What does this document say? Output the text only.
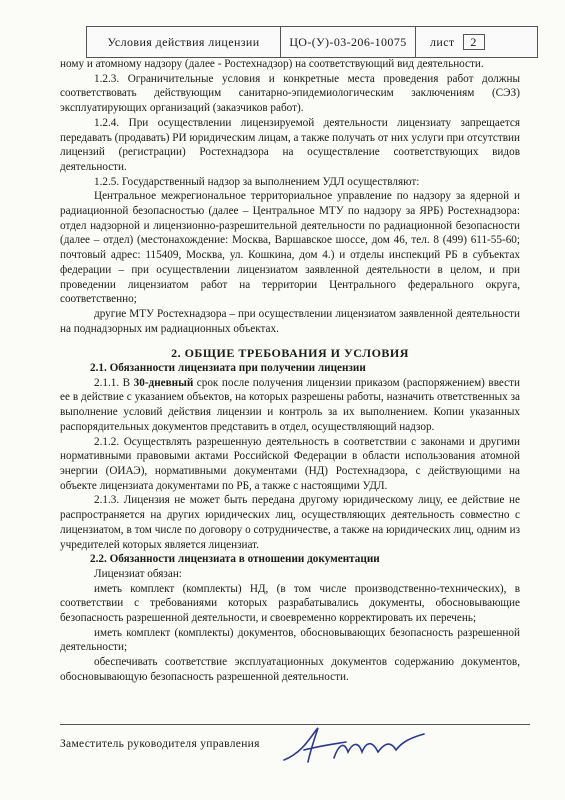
Условия действия лицензии	ЦО-(У)-03-206-10075	лист	2

ному и атомному надзору (далее - Ростехнадзор) на соответствующий вид деятельности.

1.2.3. Ограничительные условия и конкретные места проведения работ должны соответствовать действующим санитарно-эпидемиологическим заключениям (СЭЗ) эксплуатирующих организаций (заказчиков работ).

1.2.4. При осуществлении лицензируемой деятельности лицензиату запрещается передавать (продавать) РИ юридическим лицам, а также получать от них услуги при отсутствии лицензий (регистрации) Ростехнадзора на осуществление соответствующих видов деятельности.

1.2.5. Государственный надзор за выполнением УДЛ осуществляют:

Центральное межрегиональное территориальное управление по надзору за ядерной и радиационной безопасностью (далее – Центральное МТУ по надзору за ЯРБ) Ростехнадзора: отдел надзорной и лицензионно-разрешительной деятельности по радиационной безопасности (далее – отдел) (местонахождение: Москва, Варшавское шоссе, дом 46, тел. 8 (499) 611-55-60; почтовый адрес: 115409, Москва, ул. Кошкина, дом 4.) и отделы инспекций РБ в субъектах федерации – при осуществлении лицензиатом заявленной деятельности в целом, и при проведении лицензиатом работ на территории Центрального федерального округа, соответственно;

другие МТУ Ростехнадзора – при осуществлении лицензиатом заявленной деятельности на поднадзорных им радиационных объектах.

2. ОБЩИЕ ТРЕБОВАНИЯ И УСЛОВИЯ

2.1. Обязанности лицензиата при получении лицензии

2.1.1. В 30-дневный срок после получения лицензии приказом (распоряжением) ввести ее в действие с указанием объектов, на которых разрешены работы, назначить ответственных за выполнение условий действия лицензии и контроль за их выполнением. Копии указанных распорядительных документов представить в отдел, осуществляющий надзор.

2.1.2. Осуществлять разрешенную деятельность в соответствии с законами и другими нормативными правовыми актами Российской Федерации в области использования атомной энергии (ОИАЭ), нормативными документами (НД) Ростехнадзора, с действующими на объекте лицензиата документами по РБ, а также с настоящими УДЛ.

2.1.3. Лицензия не может быть передана другому юридическому лицу, ее действие не распространяется на других юридических лиц, осуществляющих деятельность совместно с лицензиатом, в том числе по договору о сотрудничестве, а также на юридических лиц, одним из учредителей которых является лицензиат.

2.2. Обязанности лицензиата в отношении документации

Лицензиат обязан:

иметь комплект (комплекты) НД, (в том числе производственно-технических), в соответствии с требованиями которых разрабатывались документы, обосновывающие безопасность разрешенной деятельности, и своевременно корректировать их перечень;

иметь комплект (комплекты) документов, обосновывающих безопасность разрешенной деятельности;

обеспечивать соответствие эксплуатационных документов содержанию документов, обосновывающую безопасность разрешенной деятельности.

Заместитель руководителя управления
